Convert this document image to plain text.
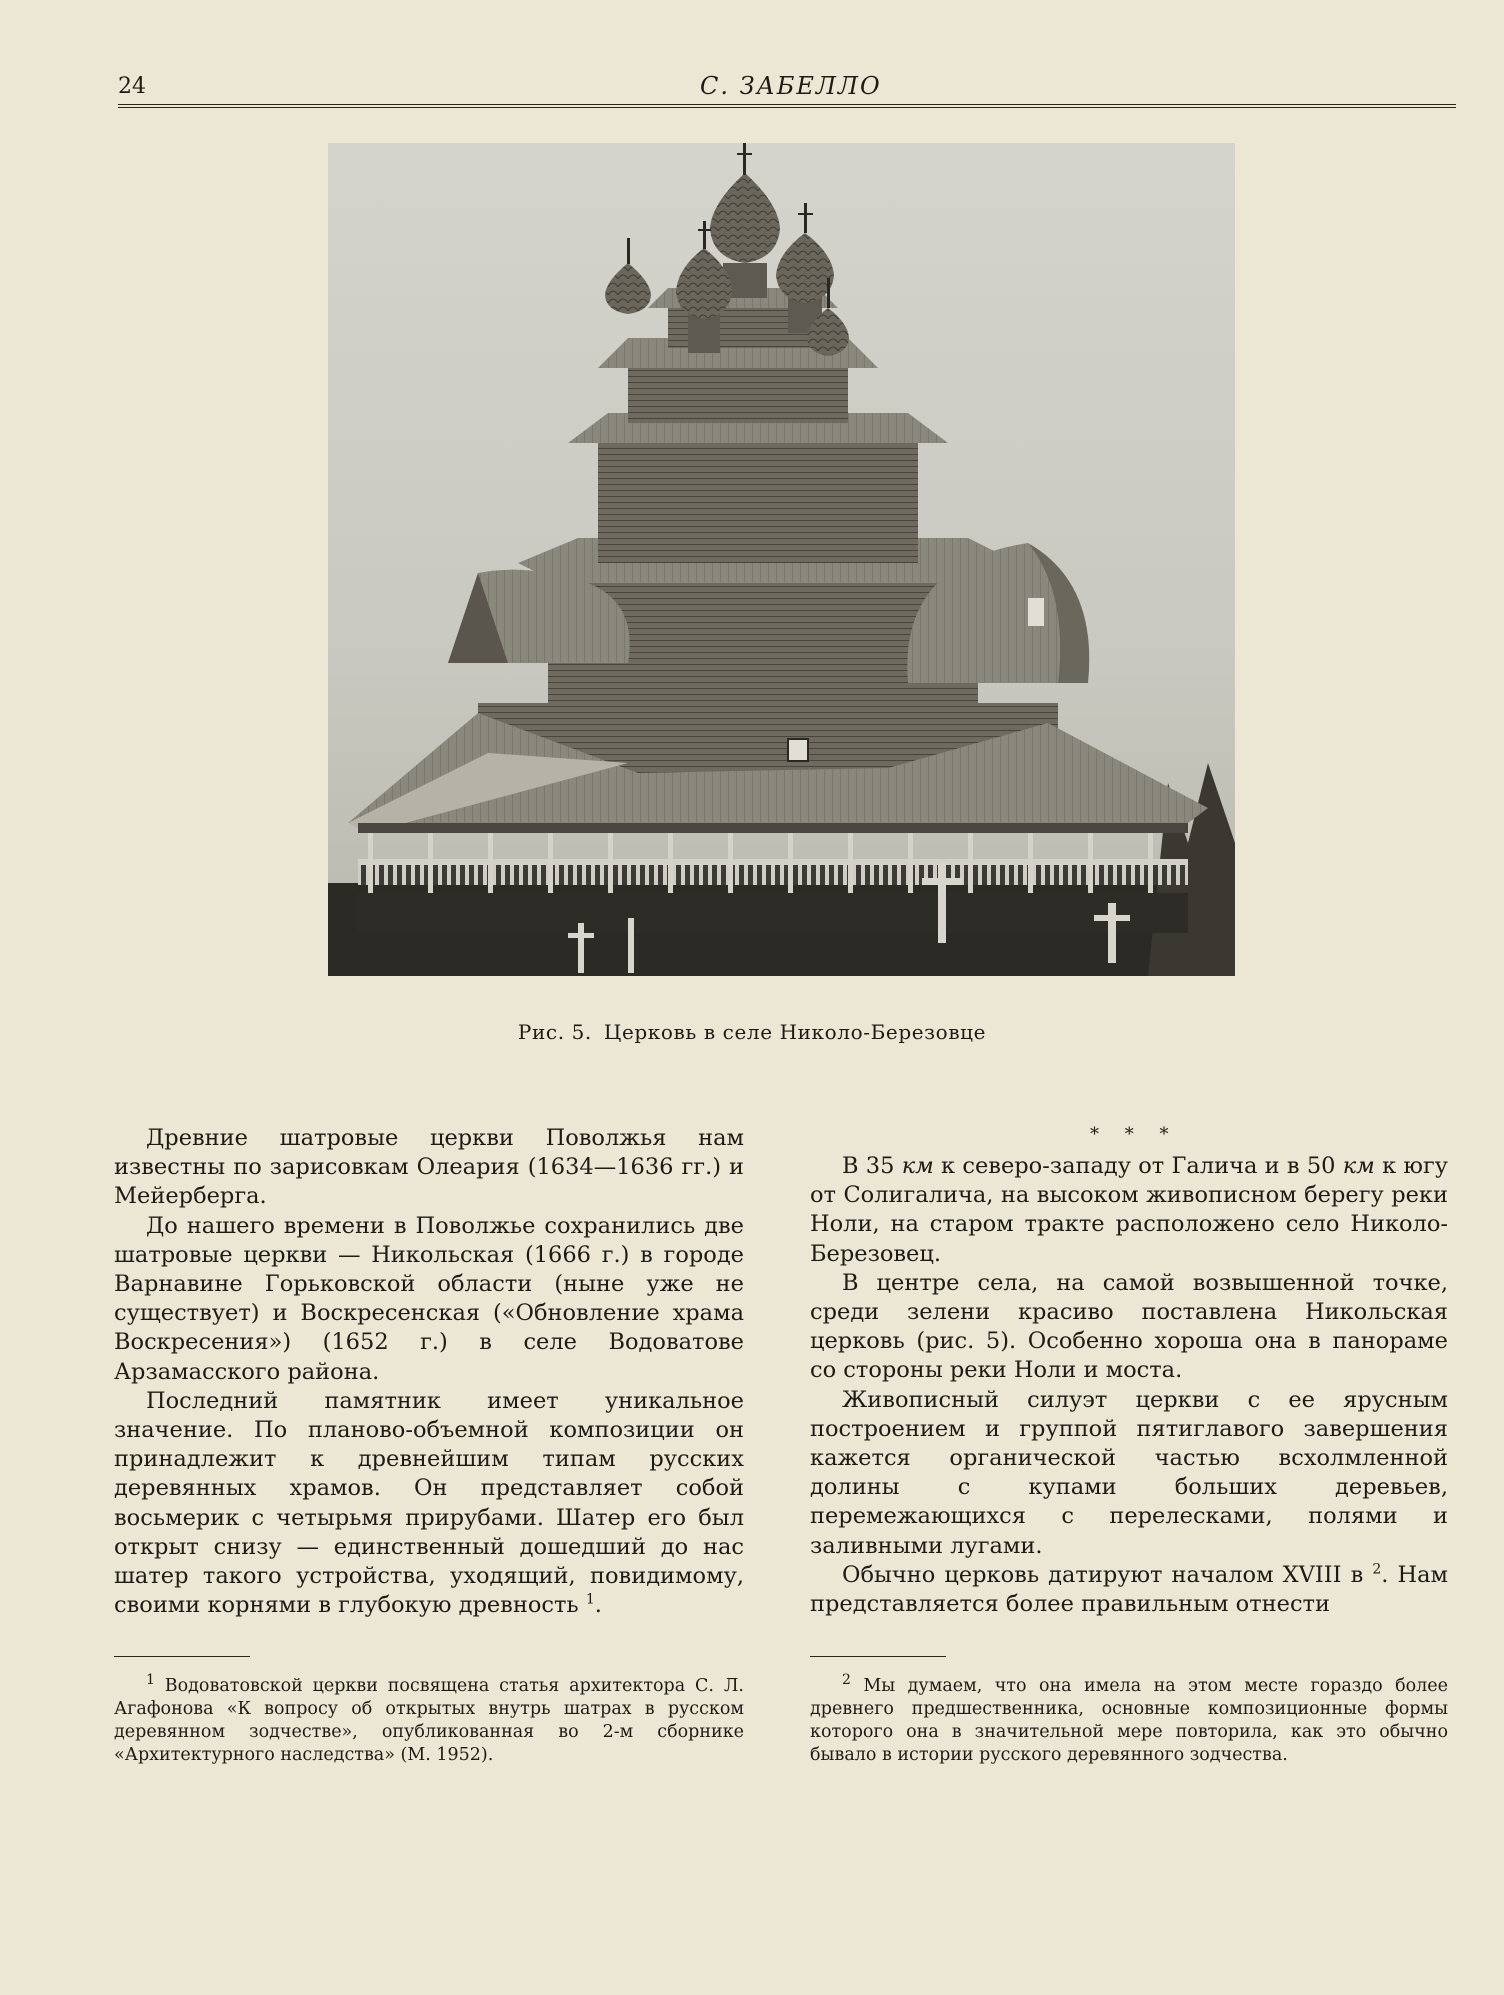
24	С. ЗАБЕЛЛО
Рис. 5. Церковь в селе Николо-Березовце

Древние шатровые церкви Поволжья нам известны по зарисовкам Олеария (1634—1636 гг.) и Мейерберга.

До нашего времени в Поволжье сохранились две шатровые церкви — Никольская (1666 г.) в городе Варнавине Горьковской области (ныне уже не существует) и Воскресенская («Обновление храма Воскресения») (1652 г.) в селе Водоватове Арзамасского района.

Последний памятник имеет уникальное значение. По планово-объемной композиции он принадлежит к древнейшим типам русских деревянных храмов. Он представляет собой восьмерик с четырьмя прирубами. Шатер его был открыт снизу — единственный дошедший до нас шатер такого устройства, уходящий, повидимому, своими корнями в глубокую древность $^1$.

$^1$ Водоватовской церкви посвящена статья архитектора С. Л. Агафонова «К вопросу об открытых внутрь шатрах в русском деревянном зодчестве», опубликованная во 2-м сборнике «Архитектурного наследства» (М. 1952).

* * *

В 35 км к северо-западу от Галича и в 50 км к югу от Солигалича, на высоком живописном берегу реки Ноли, на старом тракте расположено село Николо-Березовец.

В центре села, на самой возвышенной точке, среди зелени красиво поставлена Никольская церковь (рис. 5). Особенно хороша она в панораме со стороны реки Ноли и моста.

Живописный силуэт церкви с ее ярусным построением и группой пятиглавого завершения кажется органической частью всхолмленной долины с купами больших деревьев, перемежающихся с перелесками, полями и заливными лугами.

Обычно церковь датируют началом XVIII в $^2$. Нам представляется более правильным отнести

$^2$ Мы думаем, что она имела на этом месте гораздо более древнего предшественника, основные композиционные формы которого она в значительной мере повторила, как это обычно бывало в истории русского деревянного зодчества.
